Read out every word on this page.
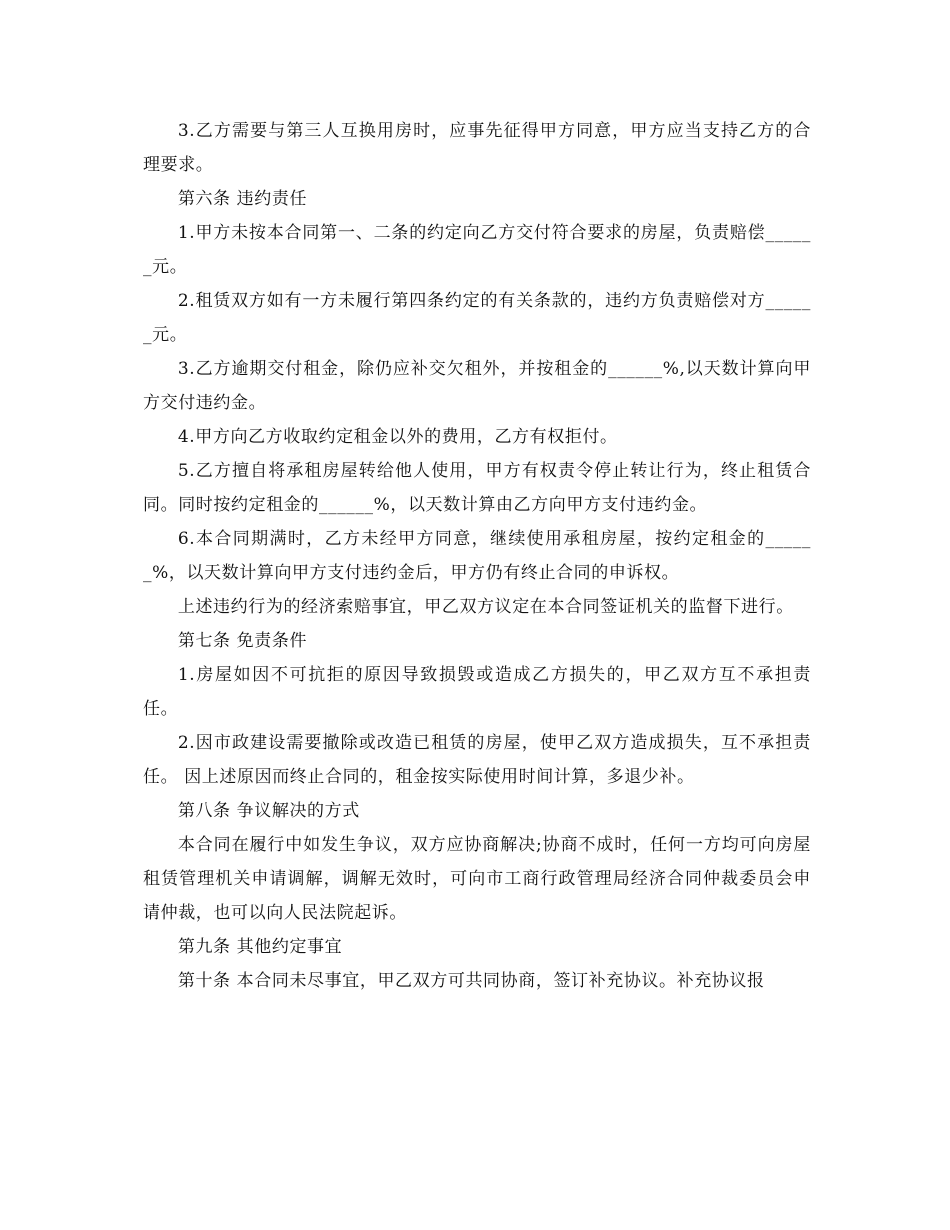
3.乙方需要与第三人互换用房时，应事先征得甲方同意，甲方应当支持乙方的合理要求。

第六条 违约责任

1.甲方未按本合同第一、二条的约定向乙方交付符合要求的房屋，负责赔偿______元。

2.租赁双方如有一方未履行第四条约定的有关条款的，违约方负责赔偿对方______元。

3.乙方逾期交付租金，除仍应补交欠租外，并按租金的______%,以天数计算向甲方交付违约金。

4.甲方向乙方收取约定租金以外的费用，乙方有权拒付。

5.乙方擅自将承租房屋转给他人使用，甲方有权责令停止转让行为，终止租赁合同。同时按约定租金的______%，以天数计算由乙方向甲方支付违约金。

6.本合同期满时，乙方未经甲方同意，继续使用承租房屋，按约定租金的______%，以天数计算向甲方支付违约金后，甲方仍有终止合同的申诉权。

上述违约行为的经济索赔事宜，甲乙双方议定在本合同签证机关的监督下进行。

第七条 免责条件

1.房屋如因不可抗拒的原因导致损毁或造成乙方损失的，甲乙双方互不承担责任。

2.因市政建设需要撤除或改造已租赁的房屋，使甲乙双方造成损失，互不承担责任。 因上述原因而终止合同的，租金按实际使用时间计算，多退少补。

第八条 争议解决的方式

本合同在履行中如发生争议，双方应协商解决;协商不成时，任何一方均可向房屋租赁管理机关申请调解，调解无效时，可向市工商行政管理局经济合同仲裁委员会申请仲裁，也可以向人民法院起诉。

第九条 其他约定事宜

第十条 本合同未尽事宜，甲乙双方可共同协商，签订补充协议。补充协议报
